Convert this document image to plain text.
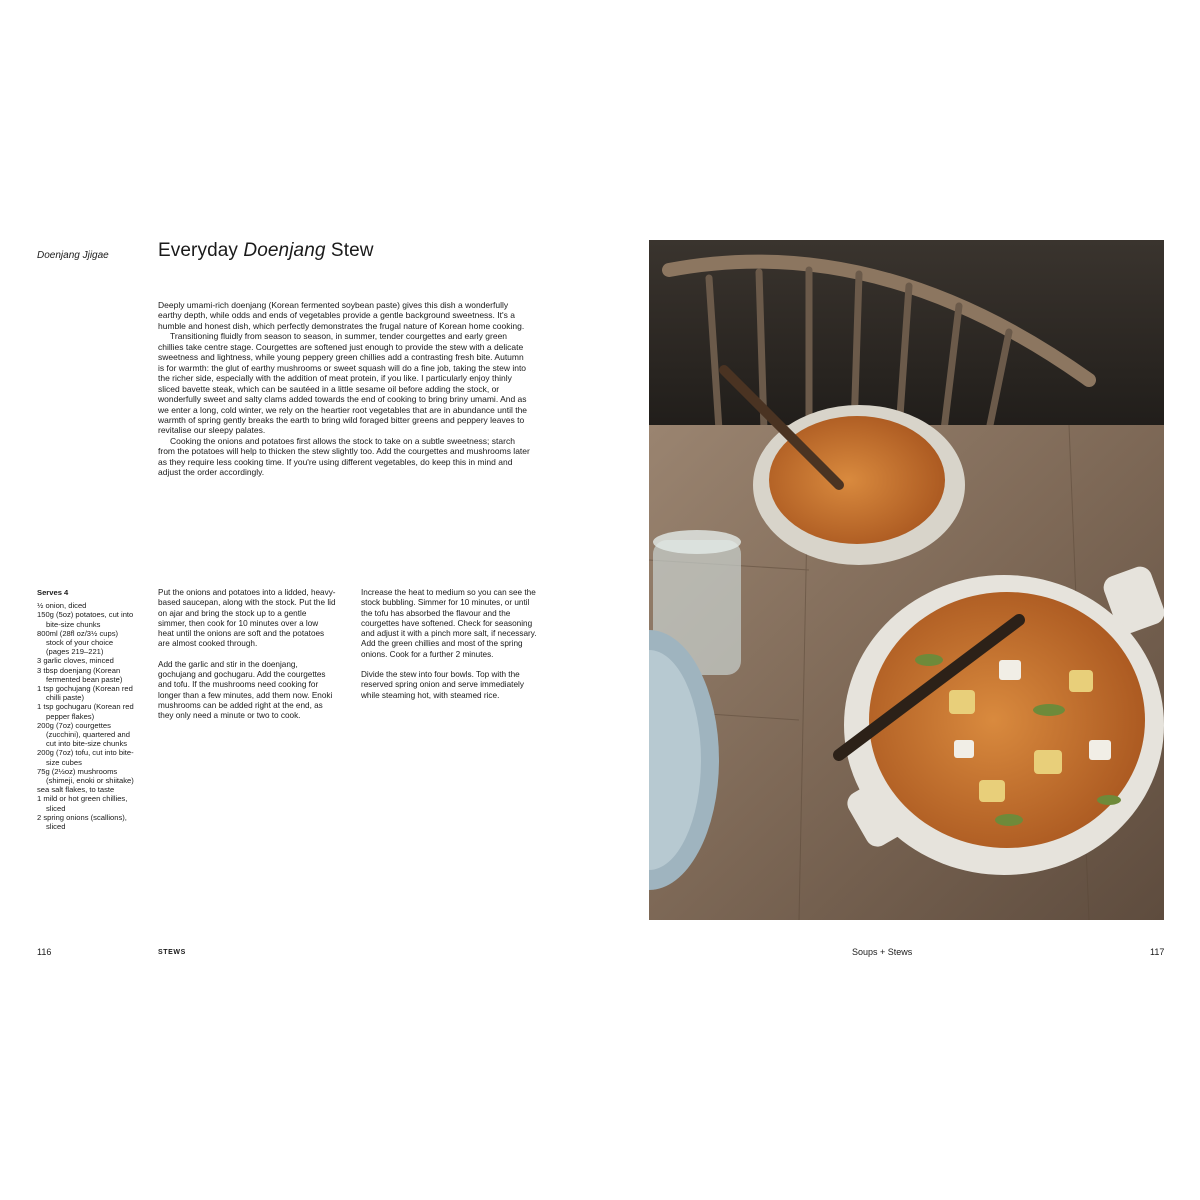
Doenjang Jjigae	Everyday Doenjang Stew

Deeply umami-rich doenjang (Korean fermented soybean paste) gives this dish a wonderfully earthy depth, while odds and ends of vegetables provide a gentle background sweetness. It's a humble and honest dish, which perfectly demonstrates the frugal nature of Korean home cooking.

Transitioning fluidly from season to season, in summer, tender courgettes and early green chillies take centre stage. Courgettes are softened just enough to provide the stew with a delicate sweetness and lightness, while young peppery green chillies add a contrasting fresh bite. Autumn is for warmth: the glut of earthy mushrooms or sweet squash will do a fine job, taking the stew into the richer side, especially with the addition of meat protein, if you like. I particularly enjoy thinly sliced bavette steak, which can be sautéed in a little sesame oil before adding the stock, or wonderfully sweet and salty clams added towards the end of cooking to bring briny umami. And as we enter a long, cold winter, we rely on the heartier root vegetables that are in abundance until the warmth of spring gently breaks the earth to bring wild foraged bitter greens and peppery leaves to revitalise our sleepy palates.

Cooking the onions and potatoes first allows the stock to take on a subtle sweetness; starch from the potatoes will help to thicken the stew slightly too. Add the courgettes and mushrooms later as they require less cooking time. If you're using different vegetables, do keep this in mind and adjust the order accordingly.

Serves 4
½ onion, diced
150g (5oz) potatoes, cut into bite-size chunks
800ml (28fl oz/3½ cups) stock of your choice (pages 219–221)
3 garlic cloves, minced
3 tbsp doenjang (Korean fermented bean paste)
1 tsp gochujang (Korean red chilli paste)
1 tsp gochugaru (Korean red pepper flakes)
200g (7oz) courgettes (zucchini), quartered and cut into bite-size chunks
200g (7oz) tofu, cut into bite-size cubes
75g (2½oz) mushrooms (shimeji, enoki or shiitake)
sea salt flakes, to taste
1 mild or hot green chillies, sliced
2 spring onions (scallions), sliced

Put the onions and potatoes into a lidded, heavy-based saucepan, along with the stock. Put the lid on ajar and bring the stock up to a gentle simmer, then cook for 10 minutes over a low heat until the onions are soft and the potatoes are almost cooked through.

Add the garlic and stir in the doenjang, gochujang and gochugaru. Add the courgettes and tofu. If the mushrooms need cooking for longer than a few minutes, add them now. Enoki mushrooms can be added right at the end, as they only need a minute or two to cook.

Increase the heat to medium so you can see the stock bubbling. Simmer for 10 minutes, or until the tofu has absorbed the flavour and the courgettes have softened. Check for seasoning and adjust it with a pinch more salt, if necessary. Add the green chillies and most of the spring onions. Cook for a further 2 minutes.

Divide the stew into four bowls. Top with the reserved spring onion and serve immediately while steaming hot, with steamed rice.

116	STEWS	Soups + Stews	117
